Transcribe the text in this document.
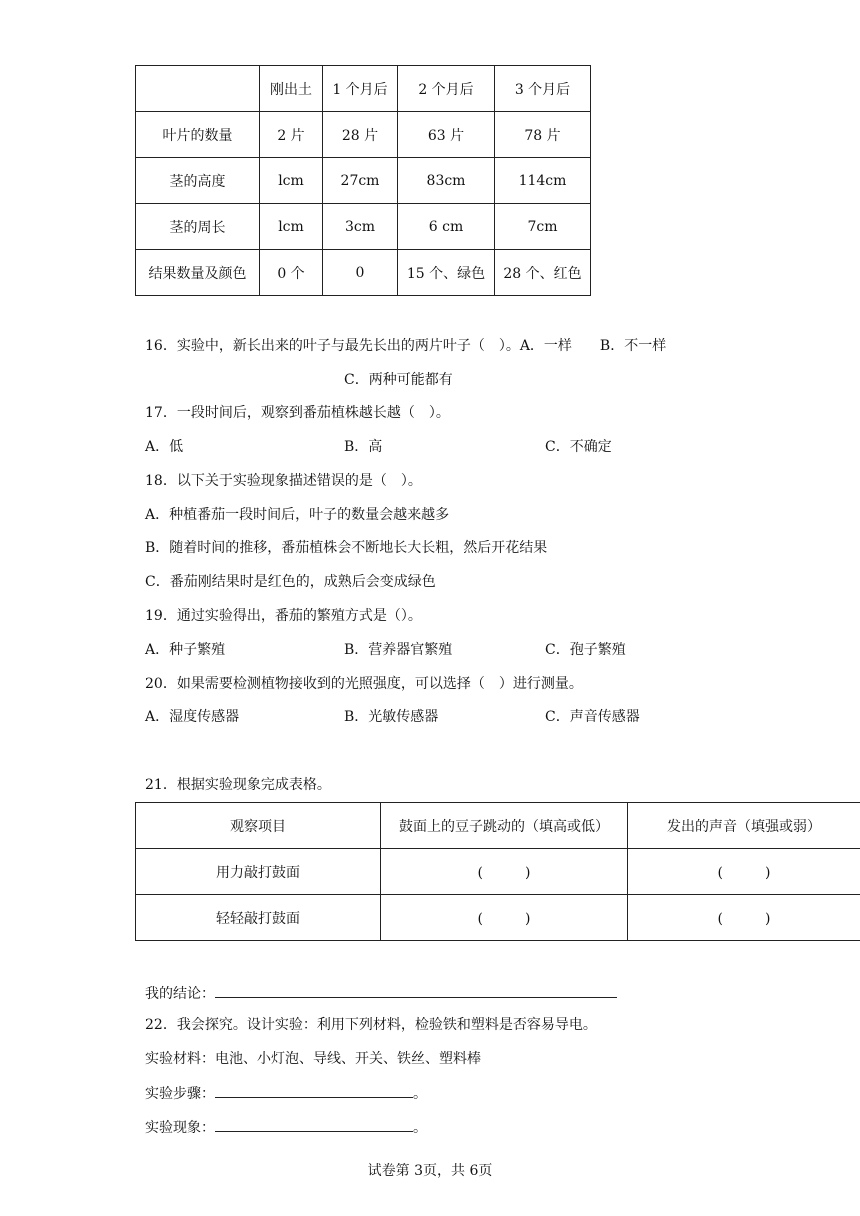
	刚出土	1 个月后	2 个月后	3 个月后
叶片的数量	2 片	28 片	63 片	78 片
茎的高度	lcm	27cm	83cm	114cm
茎的周长	lcm	3cm	6 cm	7cm
结果数量及颜色	0 个	0	15 个、绿色	28 个、红色
16．实验中，新长出来的叶子与最先长出的两片叶子（　）。A．一样　　B．不一样
C．两种可能都有
17．一段时间后，观察到番茄植株越长越（　）。
A．低	B．高	C．不确定
18．以下关于实验现象描述错误的是（　）。
A．种植番茄一段时间后，叶子的数量会越来越多
B．随着时间的推移，番茄植株会不断地长大长粗，然后开花结果
C．番茄刚结果时是红色的，成熟后会变成绿色
19．通过实验得出，番茄的繁殖方式是（）。
A．种子繁殖	B．营养器官繁殖	C．孢子繁殖
20．如果需要检测植物接收到的光照强度，可以选择（　）进行测量。
A．湿度传感器	B．光敏传感器	C．声音传感器
21．根据实验现象完成表格。
观察项目	鼓面上的豆子跳动的（填高或低）	发出的声音（填强或弱）
用力敲打鼓面	(　　　)	(　　　)
轻轻敲打鼓面	(　　　)	(　　　)
我的结论：
22．我会探究。设计实验：利用下列材料，检验铁和塑料是否容易导电。
实验材料：电池、小灯泡、导线、开关、铁丝、塑料棒
实验步骤：	。
实验现象：	。
试卷第 3页，共 6页
